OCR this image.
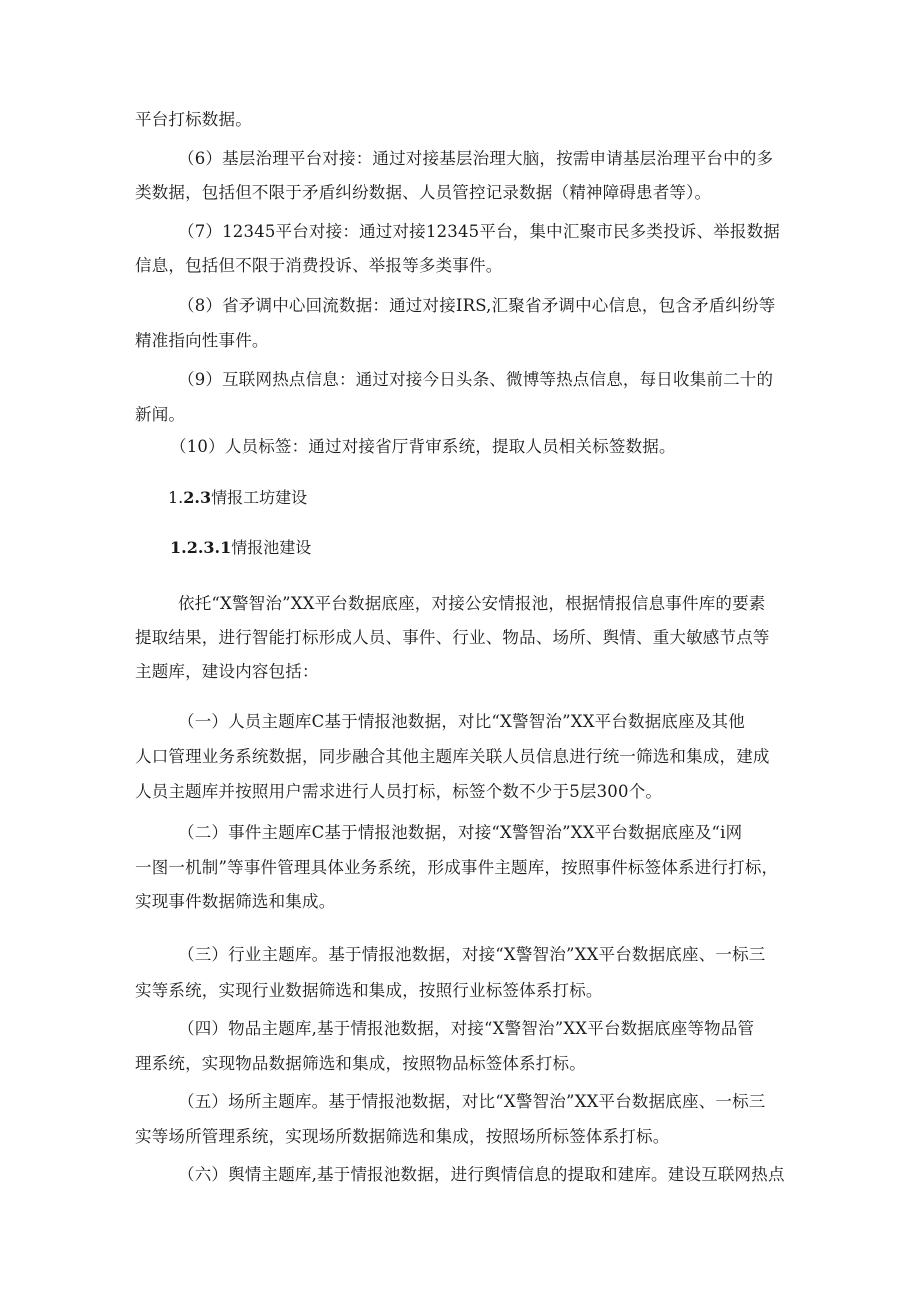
平台打标数据。
（6）基层治理平台对接：通过对接基层治理大脑，按需申请基层治理平台中的多
类数据，包括但不限于矛盾纠纷数据、人员管控记录数据（精神障碍患者等）。
（7）12345平台对接：通过对接12345平台，集中汇聚市民多类投诉、举报数据
信息，包括但不限于消费投诉、举报等多类事件。
（8）省矛调中心回流数据：通过对接IRS,汇聚省矛调中心信息，包含矛盾纠纷等
精准指向性事件。
（9）互联网热点信息：通过对接今日头条、微博等热点信息，每日收集前二十的
新闻。
（10）人员标签：通过对接省厅背审系统，提取人员相关标签数据。
1.2.3情报工坊建设
1.2.3.1情报池建设
依托“X警智治”XX平台数据底座，对接公安情报池，根据情报信息事件库的要素
提取结果，进行智能打标形成人员、事件、行业、物品、场所、舆情、重大敏感节点等
主题库，建设内容包括：
（一）人员主题库C基于情报池数据，对比“X警智治”XX平台数据底座及其他
人口管理业务系统数据，同步融合其他主题库关联人员信息进行统一筛选和集成，建成
人员主题库并按照用户需求进行人员打标，标签个数不少于5层300个。
（二）事件主题库C基于情报池数据，对接“X警智治”XX平台数据底座及“i网
一图一机制”等事件管理具体业务系统，形成事件主题库，按照事件标签体系进行打标，
实现事件数据筛选和集成。
（三）行业主题库。基于情报池数据，对接“X警智治”XX平台数据底座、一标三
实等系统，实现行业数据筛选和集成，按照行业标签体系打标。
（四）物品主题库,基于情报池数据，对接“X警智治”XX平台数据底座等物品管
理系统，实现物品数据筛选和集成，按照物品标签体系打标。
（五）场所主题库。基于情报池数据，对比“X警智治”XX平台数据底座、一标三
实等场所管理系统，实现场所数据筛选和集成，按照场所标签体系打标。
（六）舆情主题库,基于情报池数据，进行舆情信息的提取和建库。建设互联网热点
